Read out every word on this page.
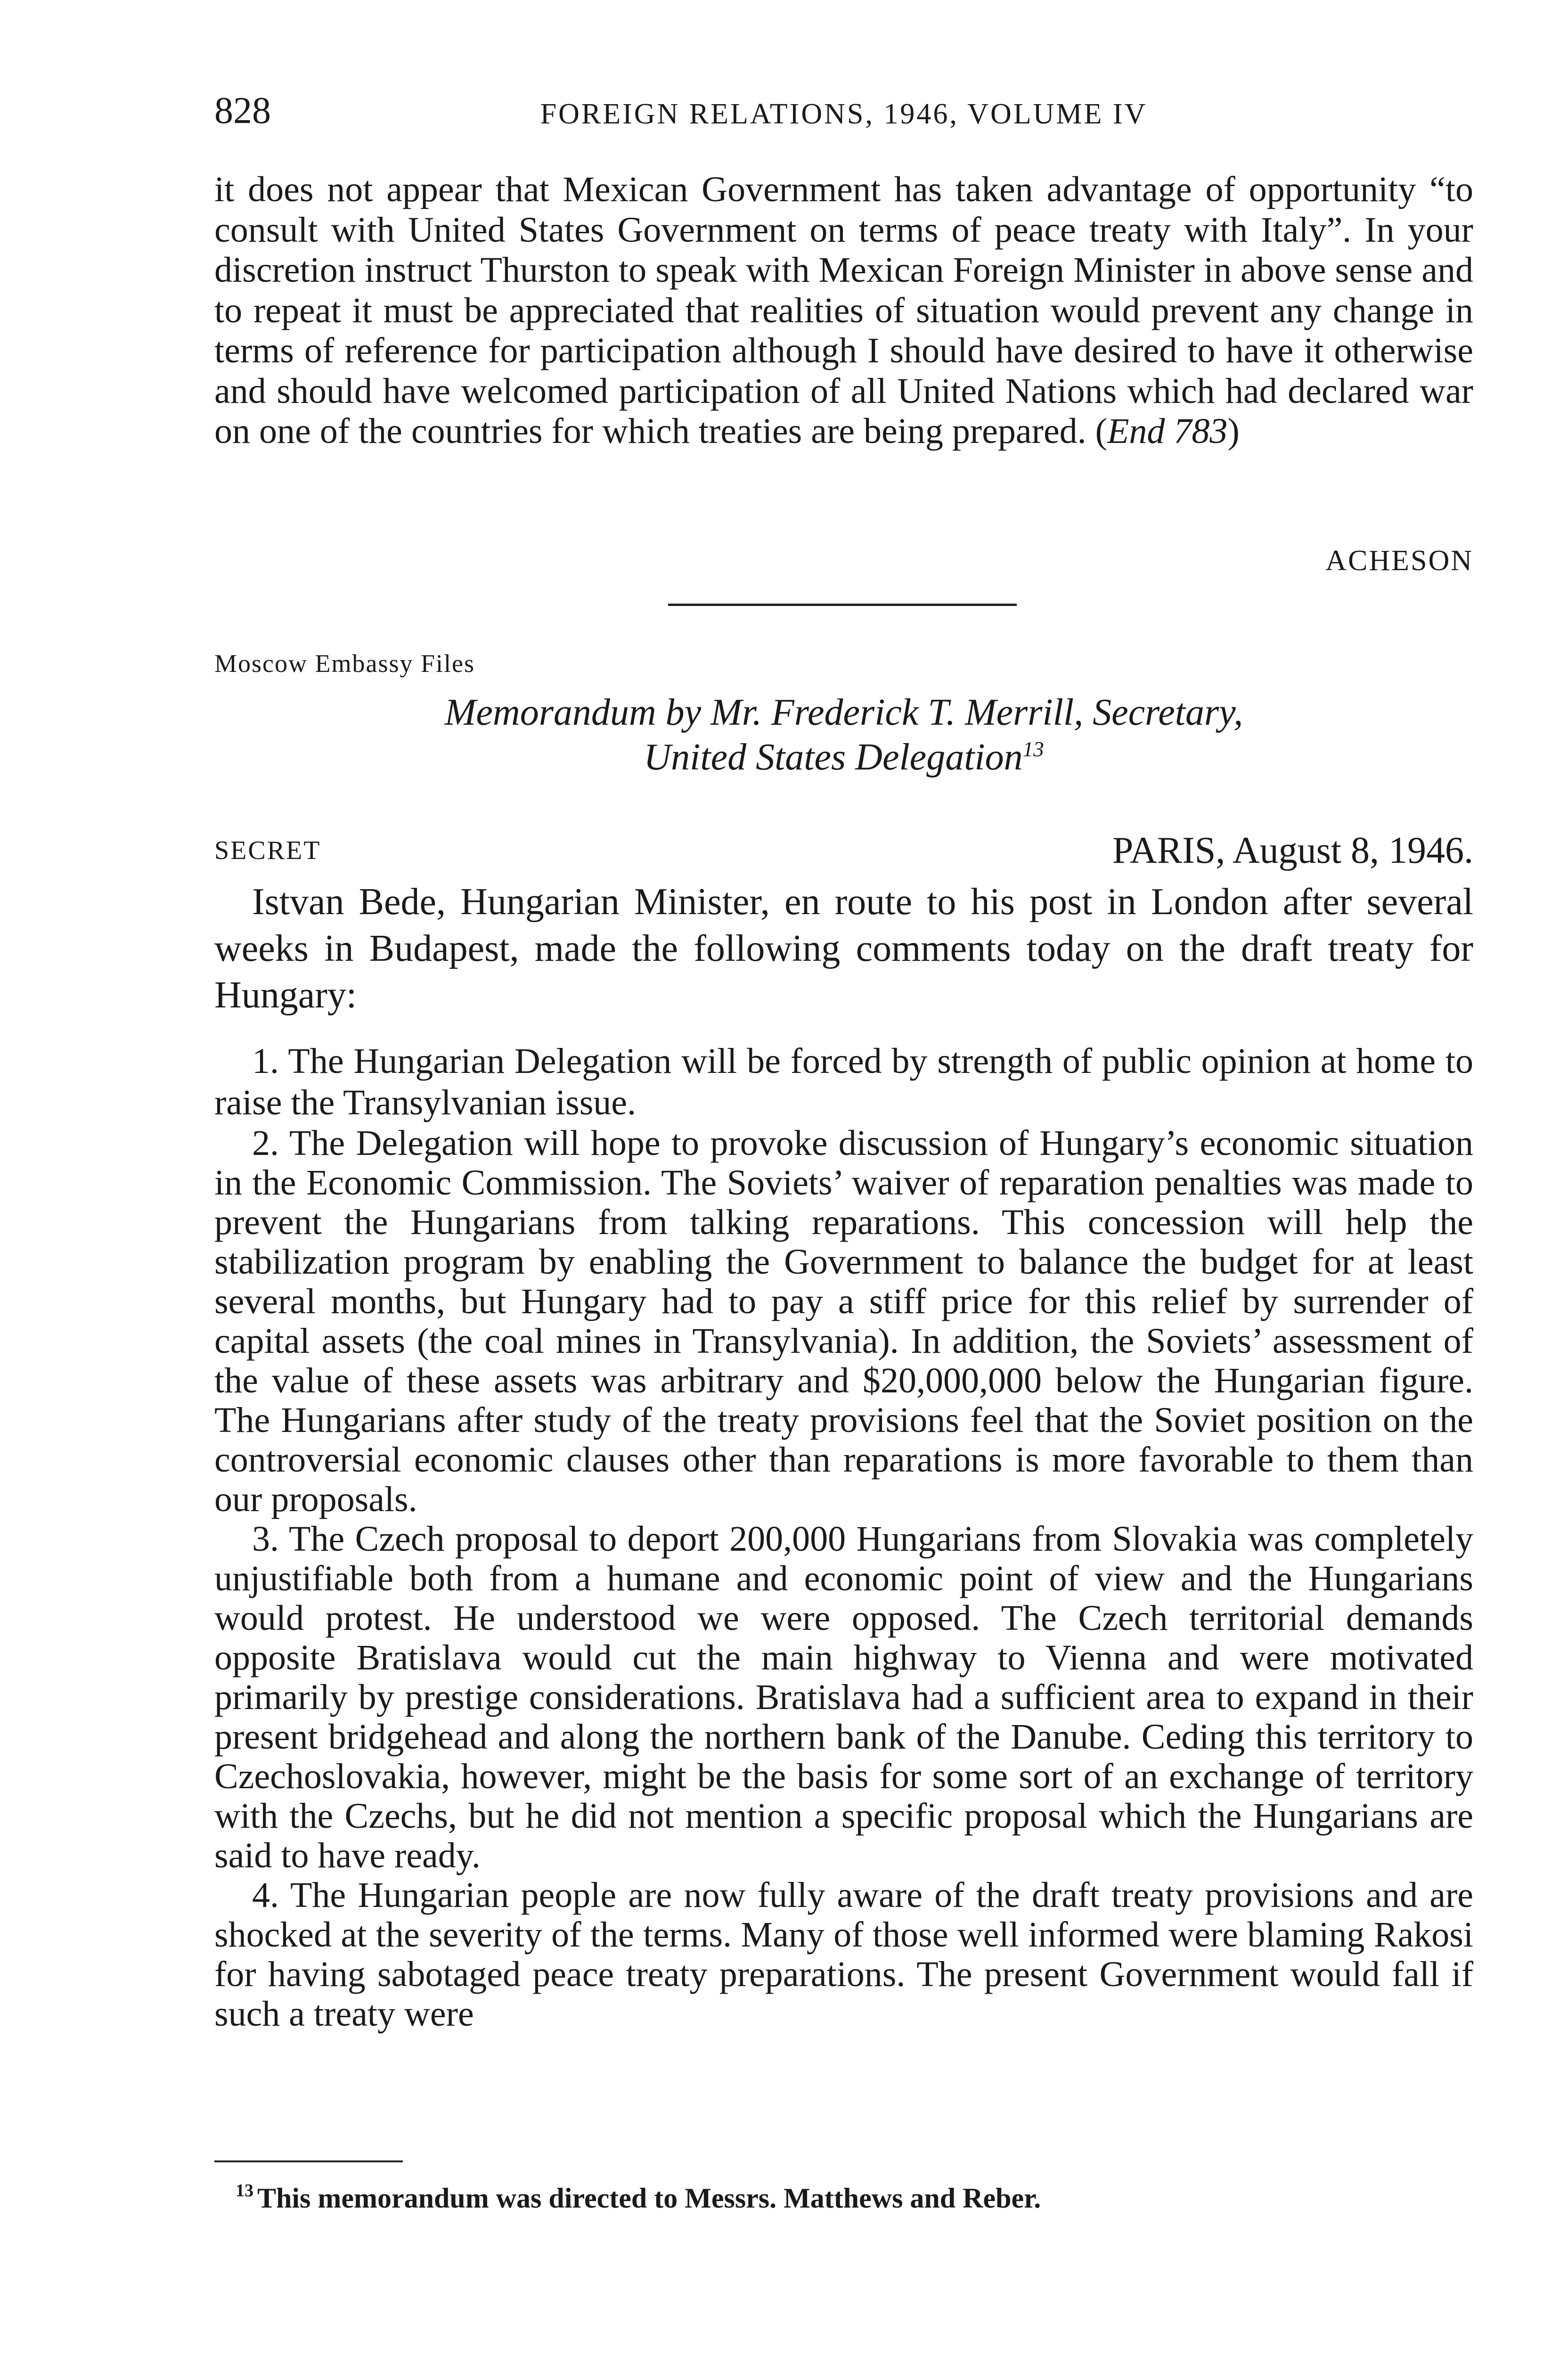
828	FOREIGN RELATIONS, 1946, VOLUME IV

it does not appear that Mexican Government has taken advantage of opportunity “to consult with United States Government on terms of peace treaty with Italy”. In your discretion instruct Thurston to speak with Mexican Foreign Minister in above sense and to repeat it must be appreciated that realities of situation would prevent any change in terms of reference for participation although I should have desired to have it otherwise and should have welcomed participation of all United Nations which had declared war on one of the countries for which treaties are being prepared. (End 783)

ACHESON
Moscow Embassy Files
Memorandum by Mr. Frederick T. Merrill, Secretary,
United States Delegation$^{13}$
SECRET	PARIS, August 8, 1946.

Istvan Bede, Hungarian Minister, en route to his post in London after several weeks in Budapest, made the following comments today on the draft treaty for Hungary:

1. The Hungarian Delegation will be forced by strength of public opinion at home to raise the Transylvanian issue.

2. The Delegation will hope to provoke discussion of Hungary’s economic situation in the Economic Commission. The Soviets’ waiver of reparation penalties was made to prevent the Hungarians from talking reparations. This concession will help the stabilization program by enabling the Government to balance the budget for at least several months, but Hungary had to pay a stiff price for this relief by surrender of capital assets (the coal mines in Transylvania). In addition, the Soviets’ assessment of the value of these assets was arbitrary and $20,000,000 below the Hungarian figure. The Hungarians after study of the treaty provisions feel that the Soviet position on the controversial economic clauses other than reparations is more favorable to them than our proposals.

3. The Czech proposal to deport 200,000 Hungarians from Slovakia was completely unjustifiable both from a humane and economic point of view and the Hungarians would protest. He understood we were opposed. The Czech territorial demands opposite Bratislava would cut the main highway to Vienna and were motivated primarily by prestige considerations. Bratislava had a sufficient area to expand in their present bridgehead and along the northern bank of the Danube. Ceding this territory to Czechoslovakia, however, might be the basis for some sort of an exchange of territory with the Czechs, but he did not mention a specific proposal which the Hungarians are said to have ready.

4. The Hungarian people are now fully aware of the draft treaty provisions and are shocked at the severity of the terms. Many of those well informed were blaming Rakosi for having sabotaged peace treaty preparations. The present Government would fall if such a treaty were

$^{13}$ This memorandum was directed to Messrs. Matthews and Reber.
